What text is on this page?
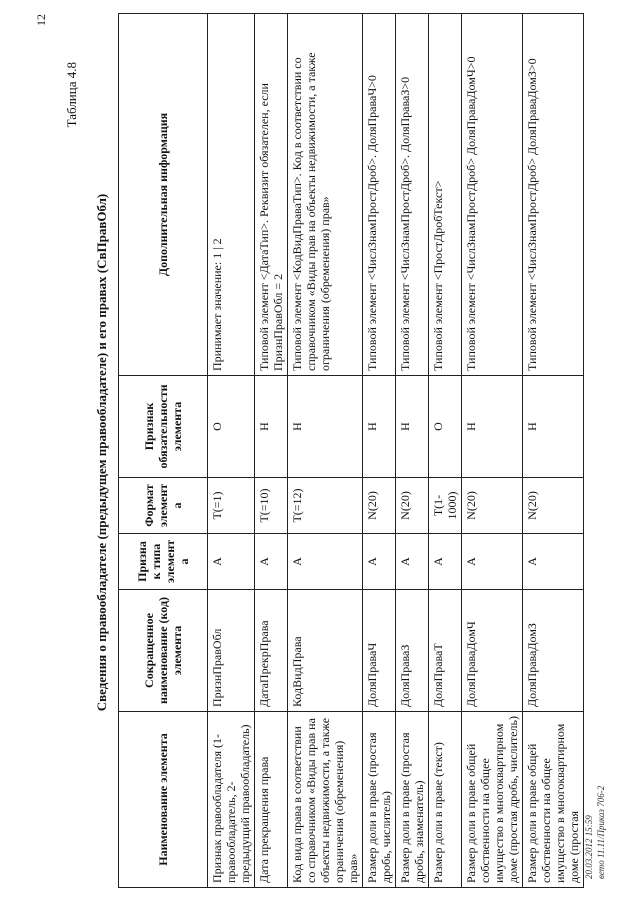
12
Таблица 4.8
Сведения о правообладателе (предыдущем правообладателе) и его правах (СвПравОбл)
Наименование элемента	Сокращенное наименование (код) элемента	Признак типа элемента	Формат элемента	Признак обязательности элемента	Дополнительная информация
Признак правообладателя (1- правообладатель, 2- предыдущий правообладатель)	ПризнПравОбл	А	Т(=1)	О	Принимает значение: 1 | 2
Дата прекращения права	ДатаПрекрПрава	А	Т(=10)	Н	Типовой элемент <ДатаТип>. Реквизит обязателен, если ПризнПравОбл = 2
Код вида права в соответствии со справочником «Виды прав на объекты недвижимости, а также ограничения (обременения) прав»	КодВидПрава	А	Т(=12)	Н	Типовой элемент <КодВидПраваТип>. Код в соответствии со справочником «Виды прав на объекты недвижимости, а также ограничения (обременения) прав»
Размер доли в праве (простая дробь, числитель)	ДоляПраваЧ	А	N(20)	Н	Типовой элемент <ЧислЗнамПростДроб>. ДоляПраваЧ>0
Размер доли в праве (простая дробь, знаменатель)	ДоляПраваЗ	А	N(20)	Н	Типовой элемент <ЧислЗнамПростДроб>. ДоляПраваЗ>0
Размер доли в праве (текст)	ДоляПраваТ	А	Т(1-1000)	О	Типовой элемент <ПростДробТекст>
Размер доли в праве общей собственности на общее имущество в многоквартирном доме (простая дробь, числитель)	ДоляПраваДомЧ	А	N(20)	Н	Типовой элемент <ЧислЗнамПростДроб> ДоляПраваДомЧ>0
Размер доли в праве общей собственности на общее имущество в многоквартирном доме (простая	ДоляПраваДомЗ	А	N(20)	Н	Типовой элемент <ЧислЗнамПростДроб> ДоляПраваДомЗ>0
20.03.2012 15:59 вето 11.11/Приказ 706-2
